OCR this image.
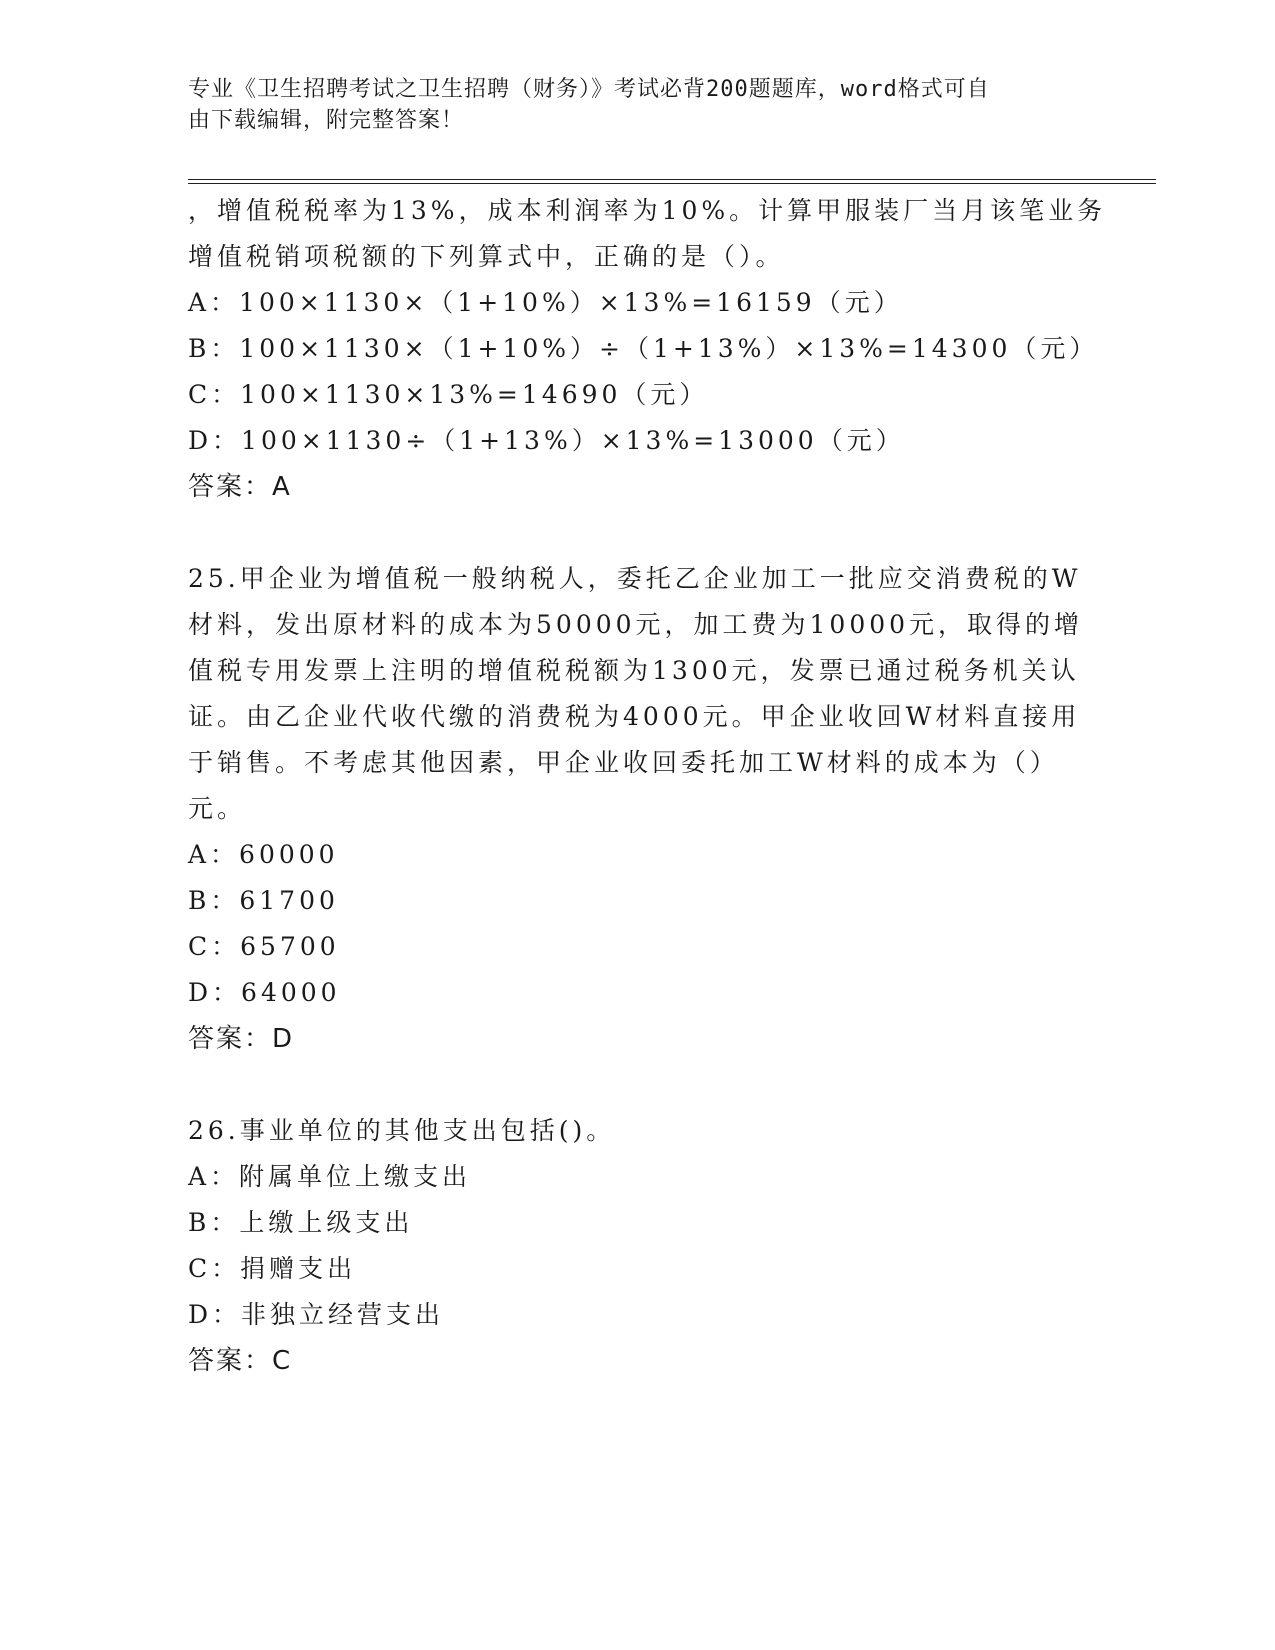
专业《卫生招聘考试之卫生招聘（财务）》考试必背200题题库，word格式可自
由下载编辑，附完整答案！
，增值税税率为13%，成本利润率为10%。计算甲服装厂当月该笔业务
增值税销项税额的下列算式中，正确的是（）。
A：100×1130×（1+10%）×13%=16159（元）
B：100×1130×（1+10%）÷（1+13%）×13%=14300（元）
C：100×1130×13%=14690（元）
D：100×1130÷（1+13%）×13%=13000（元）
答案：A
25.甲企业为增值税一般纳税人，委托乙企业加工一批应交消费税的W
材料，发出原材料的成本为50000元，加工费为10000元，取得的增
值税专用发票上注明的增值税税额为1300元，发票已通过税务机关认
证。由乙企业代收代缴的消费税为4000元。甲企业收回W材料直接用
于销售。不考虑其他因素，甲企业收回委托加工W材料的成本为（）
元。
A：60000
B：61700
C：65700
D：64000
答案：D
26.事业单位的其他支出包括()。
A：附属单位上缴支出
B：上缴上级支出
C：捐赠支出
D：非独立经营支出
答案：C
